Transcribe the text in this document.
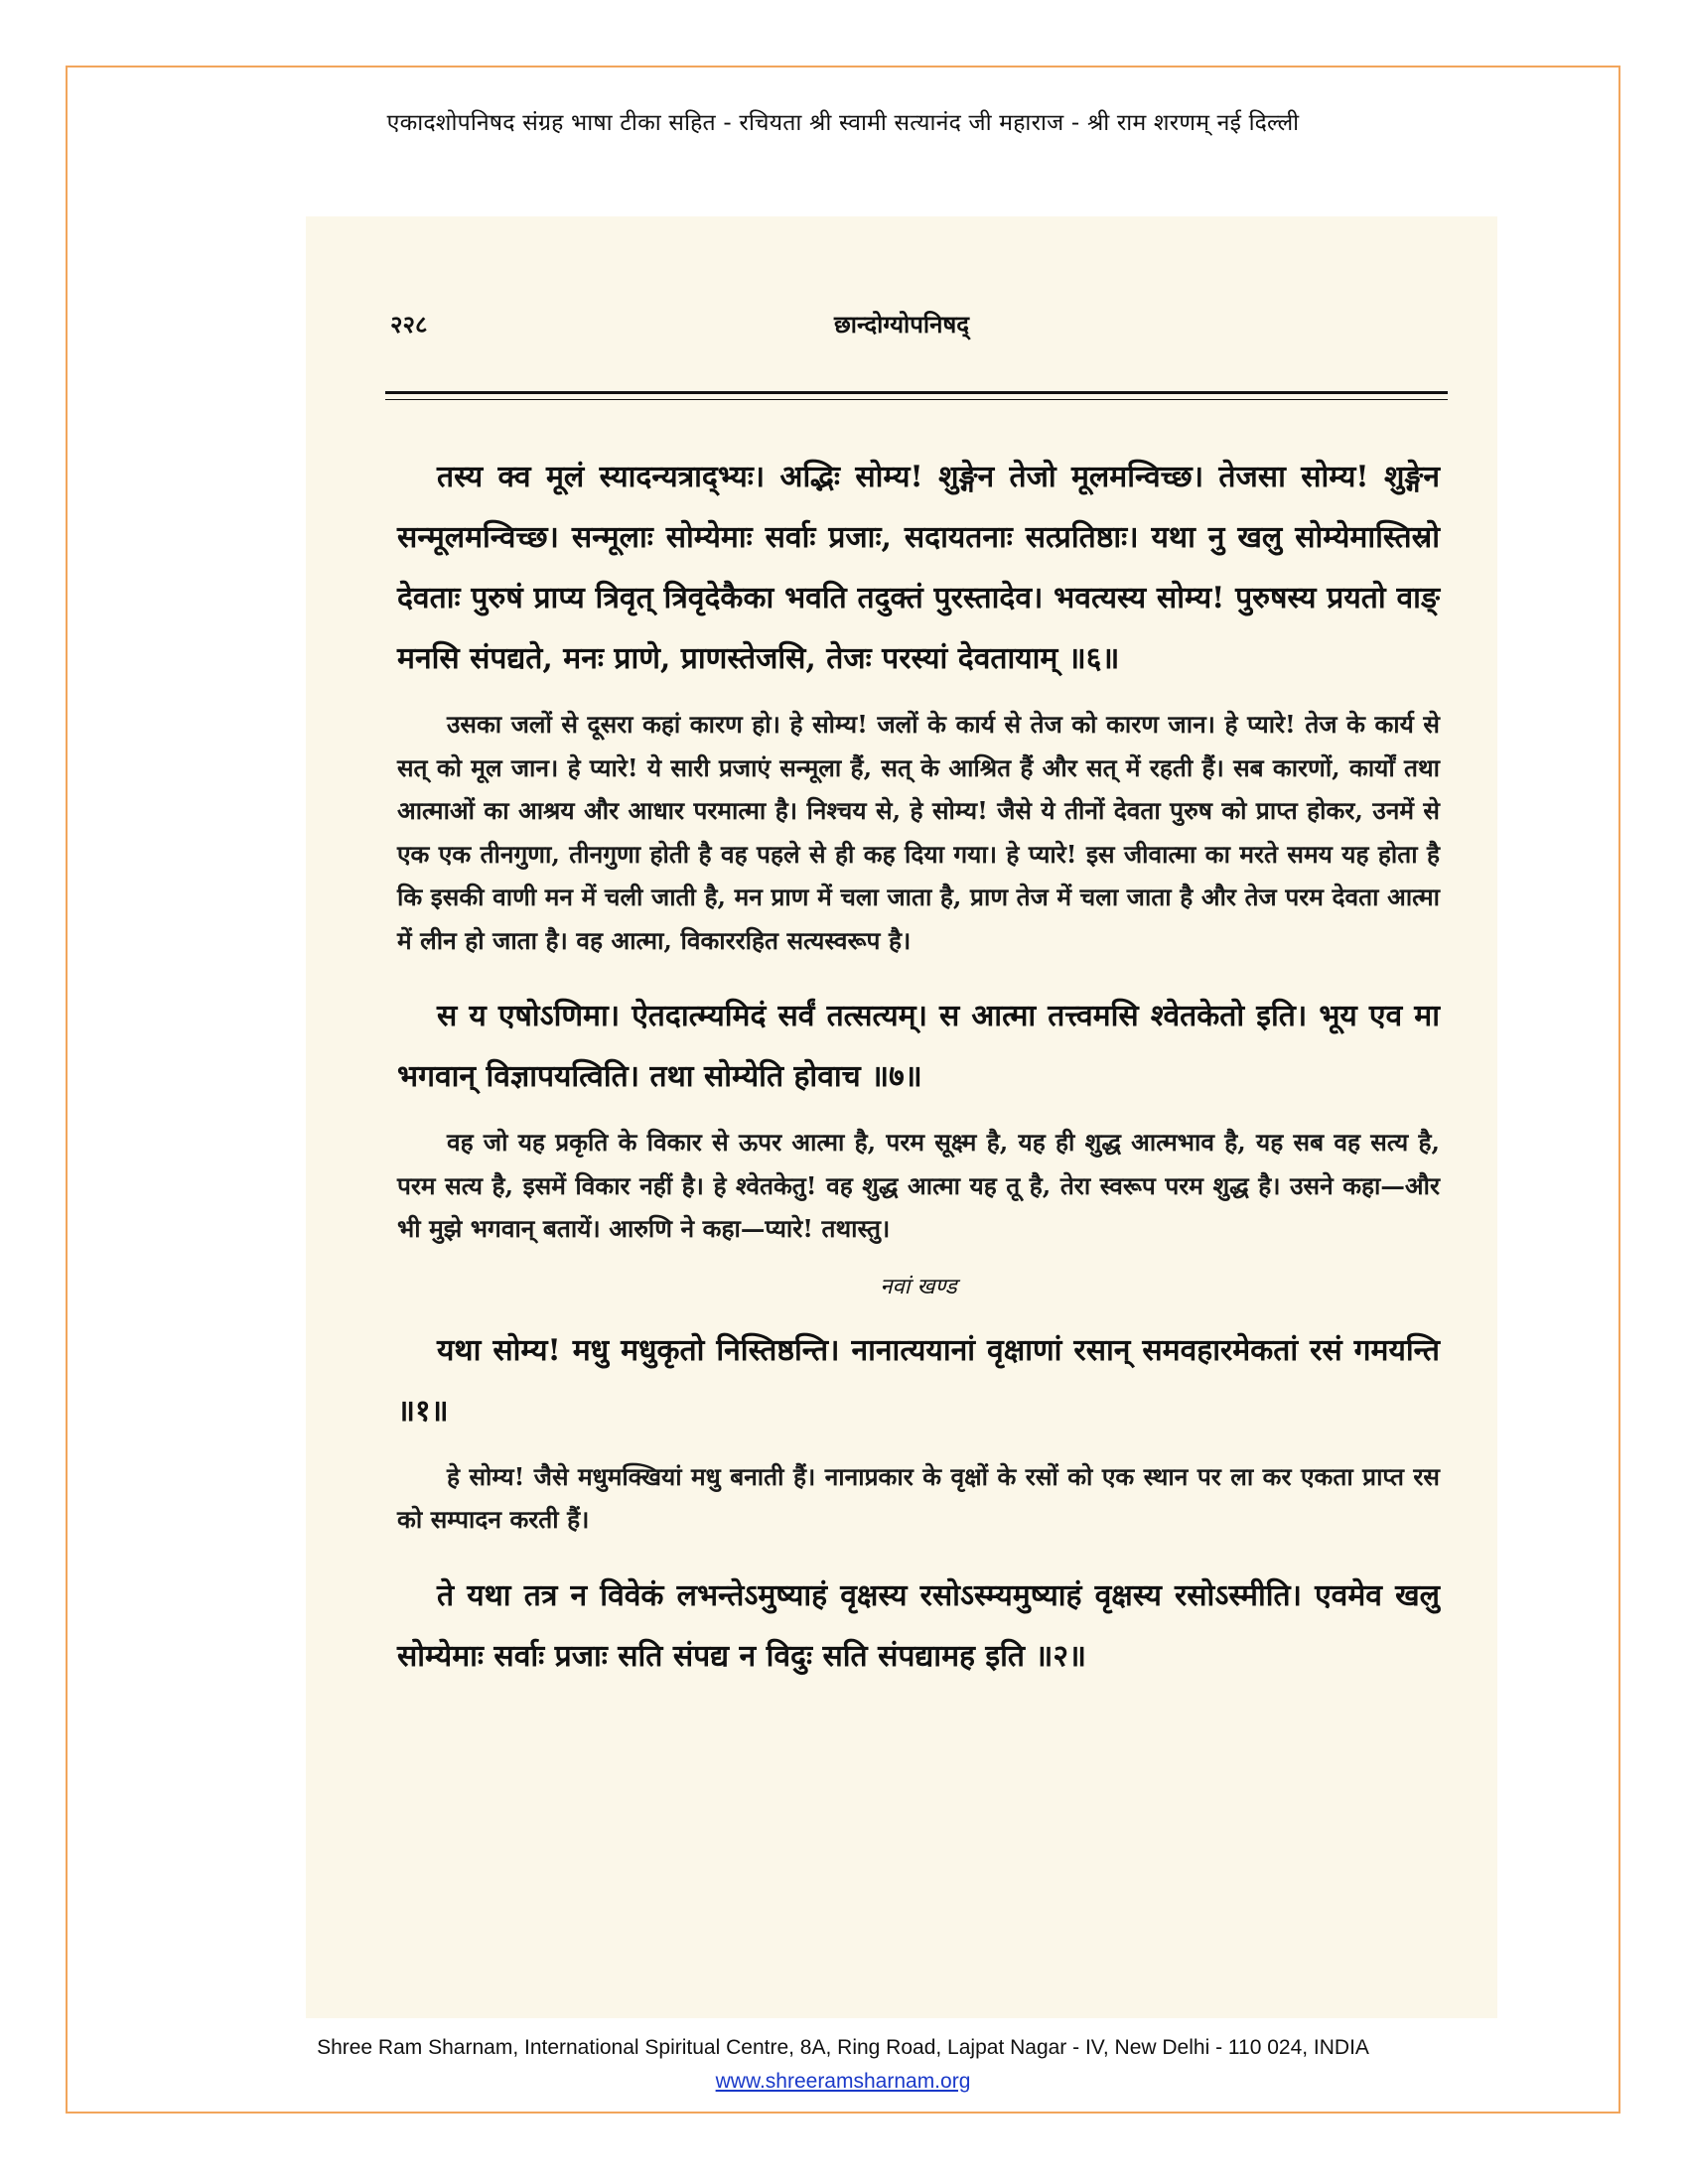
एकादशोपनिषद संग्रह भाषा टीका सहित - रचियता श्री स्वामी सत्यानंद जी महाराज - श्री राम शरणम् नई दिल्ली
२२८	छान्दोग्योपनिषद्

तस्य क्व मूलं स्यादन्यत्राद्भ्यः। अद्भिः सोम्य! शुङ्गेन तेजो मूलमन्विच्छ। तेजसा सोम्य! शुङ्गेन सन्मूलमन्विच्छ। सन्मूलाः सोम्येमाः सर्वाः प्रजाः, सदायतनाः सत्प्रतिष्ठाः। यथा नु खलु सोम्येमास्तिस्रो देवताः पुरुषं प्राप्य त्रिवृत् त्रिवृदेकैका भवति तदुक्तं पुरस्तादेव। भवत्यस्य सोम्य! पुरुषस्य प्रयतो वाङ् मनसि संपद्यते, मनः प्राणे, प्राणस्तेजसि, तेजः परस्यां देवतायाम् ॥६॥

उसका जलों से दूसरा कहां कारण हो। हे सोम्य! जलों के कार्य से तेज को कारण जान। हे प्यारे! तेज के कार्य से सत् को मूल जान। हे प्यारे! ये सारी प्रजाएं सन्मूला हैं, सत् के आश्रित हैं और सत् में रहती हैं। सब कारणों, कार्यों तथा आत्माओं का आश्रय और आधार परमात्मा है। निश्चय से, हे सोम्य! जैसे ये तीनों देवता पुरुष को प्राप्त होकर, उनमें से एक एक तीनगुणा, तीनगुणा होती है वह पहले से ही कह दिया गया। हे प्यारे! इस जीवात्मा का मरते समय यह होता है कि इसकी वाणी मन में चली जाती है, मन प्राण में चला जाता है, प्राण तेज में चला जाता है और तेज परम देवता आत्मा में लीन हो जाता है। वह आत्मा, विकाररहित सत्यस्वरूप है।

स य एषोऽणिमा। ऐतदात्म्यमिदं सर्वं तत्सत्यम्। स आत्मा तत्त्वमसि श्वेतकेतो इति। भूय एव मा भगवान् विज्ञापयत्विति। तथा सोम्येति होवाच ॥७॥

वह जो यह प्रकृति के विकार से ऊपर आत्मा है, परम सूक्ष्म है, यह ही शुद्ध आत्मभाव है, यह सब वह सत्य है, परम सत्य है, इसमें विकार नहीं है। हे श्वेतकेतु! वह शुद्ध आत्मा यह तू है, तेरा स्वरूप परम शुद्ध है। उसने कहा—और भी मुझे भगवान् बतायें। आरुणि ने कहा—प्यारे! तथास्तु।

नवां खण्ड

यथा सोम्य! मधु मधुकृतो निस्तिष्ठन्ति। नानात्ययानां वृक्षाणां रसान् समवहारमेकतां रसं गमयन्ति ॥१॥

हे सोम्य! जैसे मधुमक्खियां मधु बनाती हैं। नानाप्रकार के वृक्षों के रसों को एक स्थान पर ला कर एकता प्राप्त रस को सम्पादन करती हैं।

ते यथा तत्र न विवेकं लभन्तेऽमुष्याहं वृक्षस्य रसोऽस्म्यमुष्याहं वृक्षस्य रसोऽस्मीति। एवमेव खलु सोम्येमाः सर्वाः प्रजाः सति संपद्य न विदुः सति संपद्यामह इति ॥२॥

Shree Ram Sharnam, International Spiritual Centre, 8A, Ring Road, Lajpat Nagar - IV, New Delhi - 110 024, INDIA
www.shreeramsharnam.org
